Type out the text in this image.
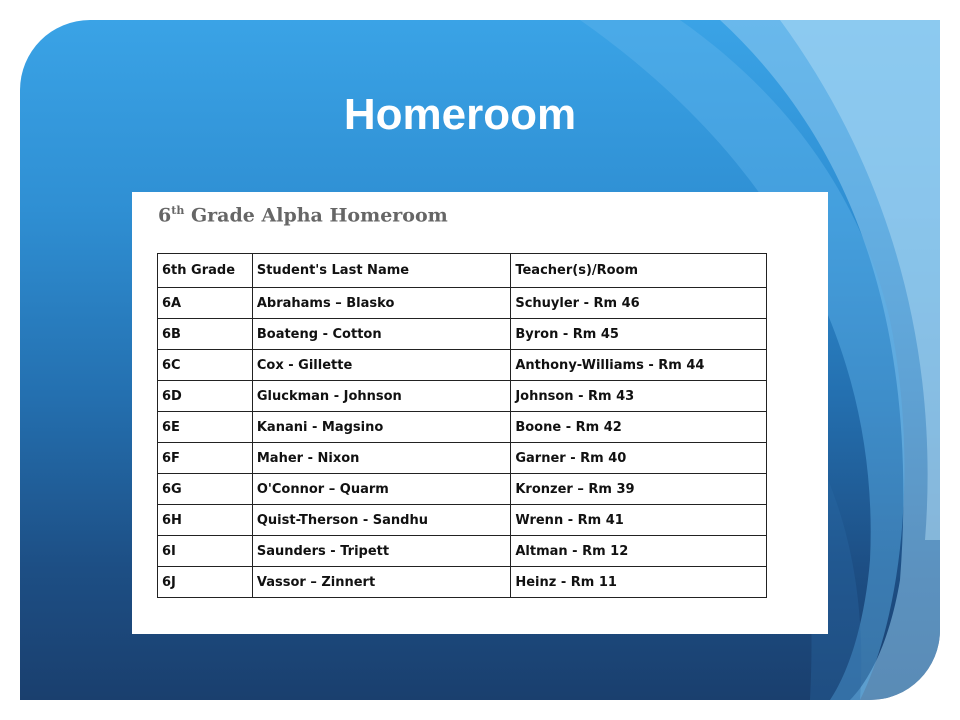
Homeroom
6th Grade Alpha Homeroom
6th Grade	Student's Last Name	Teacher(s)/Room
6A	Abrahams – Blasko	Schuyler - Rm 46
6B	Boateng - Cotton	Byron - Rm 45
6C	Cox - Gillette	Anthony-Williams - Rm 44
6D	Gluckman - Johnson	Johnson - Rm 43
6E	Kanani - Magsino	Boone - Rm 42
6F	Maher - Nixon	Garner - Rm 40
6G	O'Connor – Quarm	Kronzer – Rm 39
6H	Quist-Therson - Sandhu	Wrenn - Rm 41
6I	Saunders - Tripett	Altman - Rm 12
6J	Vassor – Zinnert	Heinz - Rm 11
